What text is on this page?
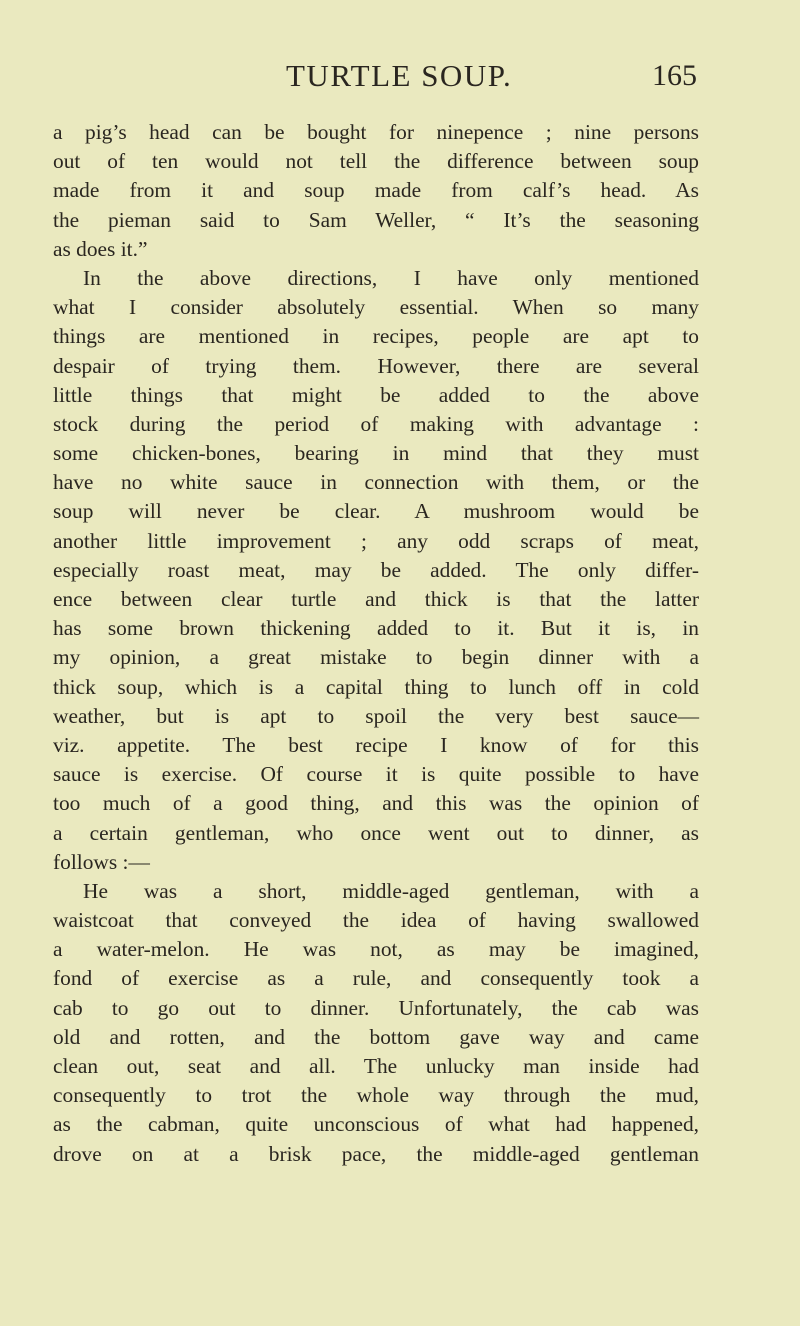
TURTLE SOUP.	165
a pig’s head can be bought for ninepence ; nine persons
out of ten would not tell the difference between soup
made from it and soup made from calf’s head. As
the pieman said to Sam Weller, “ It’s the seasoning
as does it.”
In the above directions, I have only mentioned
what I consider absolutely essential. When so many
things are mentioned in recipes, people are apt to
despair of trying them. However, there are several
little things that might be added to the above
stock during the period of making with advantage :
some chicken-bones, bearing in mind that they must
have no white sauce in connection with them, or the
soup will never be clear. A mushroom would be
another little improvement ; any odd scraps of meat,
especially roast meat, may be added. The only differ-
ence between clear turtle and thick is that the latter
has some brown thickening added to it. But it is, in
my opinion, a great mistake to begin dinner with a
thick soup, which is a capital thing to lunch off in cold
weather, but is apt to spoil the very best sauce—
viz. appetite. The best recipe I know of for this
sauce is exercise. Of course it is quite possible to have
too much of a good thing, and this was the opinion of
a certain gentleman, who once went out to dinner, as
follows :—
He was a short, middle-aged gentleman, with a
waistcoat that conveyed the idea of having swallowed
a water-melon. He was not, as may be imagined,
fond of exercise as a rule, and consequently took a
cab to go out to dinner. Unfortunately, the cab was
old and rotten, and the bottom gave way and came
clean out, seat and all. The unlucky man inside had
consequently to trot the whole way through the mud,
as the cabman, quite unconscious of what had happened,
drove on at a brisk pace, the middle-aged gentleman
